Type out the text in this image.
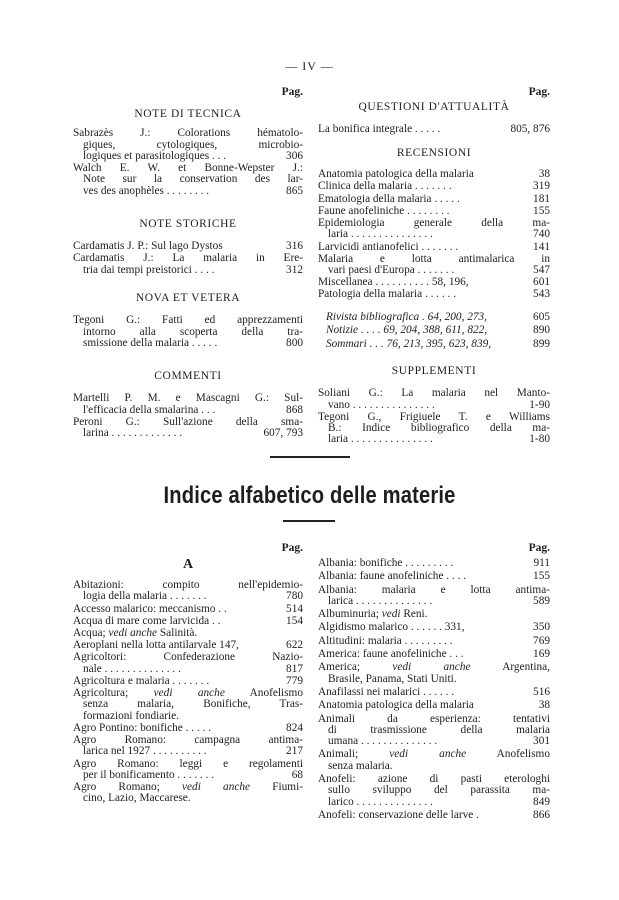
— IV —
Pag.	Pag.
NOTE DI TECNICA
Sabrazès J.: Colorations hématolo-
giques, cytologiques, microbio-
logiques et parasitologiques . . .	306
Walch E. W. et Bonne-Wepster J.:
Note sur la conservation des lar-
ves des anophèles . . . . . . . .	865
NOTE STORICHE
Cardamatis J. P.: Sul lago Dystos	316
Cardamatis J.: La malaria in Ere-
tria dai tempi preistorici . . . .	312
NOVA ET VETERA
Tegoni G.: Fatti ed apprezzamenti
intorno alla scoperta della tra-
smissione della malaria . . . . .	800
COMMENTI
Martelli P. M. e Mascagni G.: Sul-
l'efficacia della smalarina . . .	868
Peroni G.: Sull'azione della sma-
larina . . . . . . . . . . . . .	607, 793
QUESTIONI D'ATTUALITÀ
La bonifica integrale . . . . .	805, 876
RECENSIONI
Anatomia patologica della malaria	38
Clinica della malaria . . . . . . .	319
Ematologia della malaria . . . . .	181
Faune anofeliniche . . . . . . . .	155
Epidemiologia generale della ma-
laria . . . . . . . . . . . . . . .	740
Larvicidi antianofelici . . . . . . .	141
Malaria e lotta antimalarica in
vari paesi d'Europa . . . . . . .	547
Miscellanea . . . . . . . . . . 58, 196,	601
Patologia della malaria . . . . . .	543
Rivista bibliografica . 64, 200, 273,	605
Notizie . . . . 69, 204, 388, 611, 822,	890
Sommari . . . 76, 213, 395, 623, 839,	899
SUPPLEMENTI
Soliani G.: La malaria nel Manto-
vano . . . . . . . . . . . . . . .	1-90
Tegoni G., Frigiuele T. e Williams
B.: Indice bibliografico della ma-
laria . . . . . . . . . . . . . . .	1-80
Indice alfabetico delle materie
Pag.	Pag.
A
Abitazioni: compito nell'epidemio-
logia della malaria . . . . . . .	780
Accesso malarico: meccanismo . .	514
Acqua di mare come larvicida . .	154
Acqua; vedi anche Salinità.
Aeroplani nella lotta antilarvale 147,	622
Agricoltori: Confederazione Nazio-
nale . . . . . . . . . . . . . .	817
Agricoltura e malaria . . . . . . .	779
Agricoltura; vedi anche Anofelismo
senza malaria, Bonifiche, Tras-
formazioni fondiarie.
Agro Pontino: bonifiche . . . . .	824
Agro Romano: campagna antima-
larica nel 1927 . . . . . . . . . .	217
Agro Romano: leggi e regolamenti
per il bonificamento . . . . . . .	68
Agro Romano; vedi anche Fiumi-
cino, Lazio, Maccarese.
Albania: bonifiche . . . . . . . . .	911
Albania: faune anofeliniche . . . .	155
Albania: malaria e lotta antima-
larica . . . . . . . . . . . . . .	589
Albuminuria; vedi Reni.
Algidismo malarico . . . . . . 331,	350
Altitudini: malaria . . . . . . . . .	769
America: faune anofeliniche . . .	169
America; vedi anche Argentina,
Brasile, Panama, Stati Uniti.
Anafilassi nei malarici . . . . . .	516
Anatomia patologica della malaria	38
Animali da esperienza: tentativi
di trasmissione della malaria
umana . . . . . . . . . . . . . .	301
Animali; vedi anche Anofelismo
senza malaria.
Anofeli: azione di pasti eterologhi
sullo sviluppo del parassita ma-
larico . . . . . . . . . . . . . .	849
Anofeli: conservazione delle larve .	866
